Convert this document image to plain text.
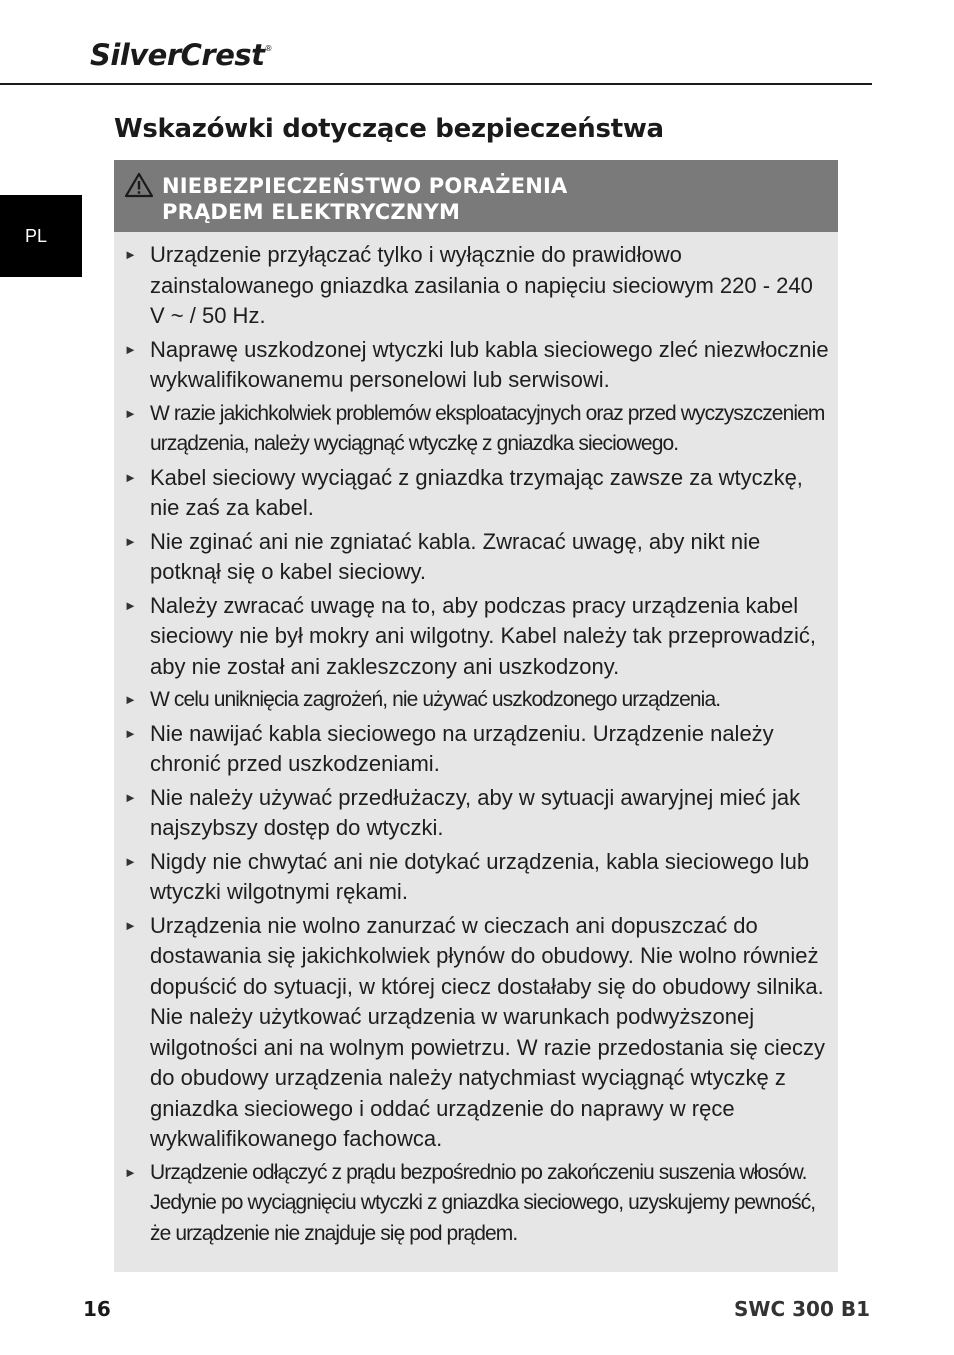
SilverCrest®
PL
Wskazówki dotyczące bezpieczeństwa
NIEBEZPIECZEŃSTWO PORAŻENIA
PRĄDEM ELEKTRYCZNYM
► Urządzenie przyłączać tylko i wyłącznie do prawidłowo zainstalowanego gniazdka zasilania o napięciu sieciowym 220 - 240 V ~ / 50 Hz.
► Naprawę uszkodzonej wtyczki lub kabla sieciowego zleć niezwłocznie wykwalifikowanemu personelowi lub serwisowi.
► W razie jakichkolwiek problemów eksploatacyjnych oraz przed wyczyszczeniem urządzenia, należy wyciągnąć wtyczkę z gniazdka sieciowego.
► Kabel sieciowy wyciągać z gniazdka trzymając zawsze za wtyczkę, nie zaś za kabel.
► Nie zginać ani nie zgniatać kabla. Zwracać uwagę, aby nikt nie potknął się o kabel sieciowy.
► Należy zwracać uwagę na to, aby podczas pracy urządzenia kabel sieciowy nie był mokry ani wilgotny. Kabel należy tak przeprowadzić, aby nie został ani zakleszczony ani uszkodzony.
► W celu uniknięcia zagrożeń, nie używać uszkodzonego urządzenia.
► Nie nawijać kabla sieciowego na urządzeniu. Urządzenie należy chronić przed uszkodzeniami.
► Nie należy używać przedłużaczy, aby w sytuacji awaryjnej mieć jak najszybszy dostęp do wtyczki.
► Nigdy nie chwytać ani nie dotykać urządzenia, kabla sieciowego lub wtyczki wilgotnymi rękami.
► Urządzenia nie wolno zanurzać w cieczach ani dopuszczać do dostawania się jakichkolwiek płynów do obudowy. Nie wolno również dopuścić do sytuacji, w której ciecz dostałaby się do obudowy silnika. Nie należy użytkować urządzenia w warunkach podwyższonej wilgotności ani na wolnym powietrzu. W razie przedostania się cieczy do obudowy urządzenia należy natychmiast wyciągnąć wtyczkę z gniazdka sieciowego i oddać urządzenie do naprawy w ręce wykwalifikowanego fachowca.
► Urządzenie odłączyć z prądu bezpośrednio po zakończeniu suszenia włosów. Jedynie po wyciągnięciu wtyczki z gniazdka sieciowego, uzyskujemy pewność, że urządzenie nie znajduje się pod prądem.
16	SWC 300 B1
